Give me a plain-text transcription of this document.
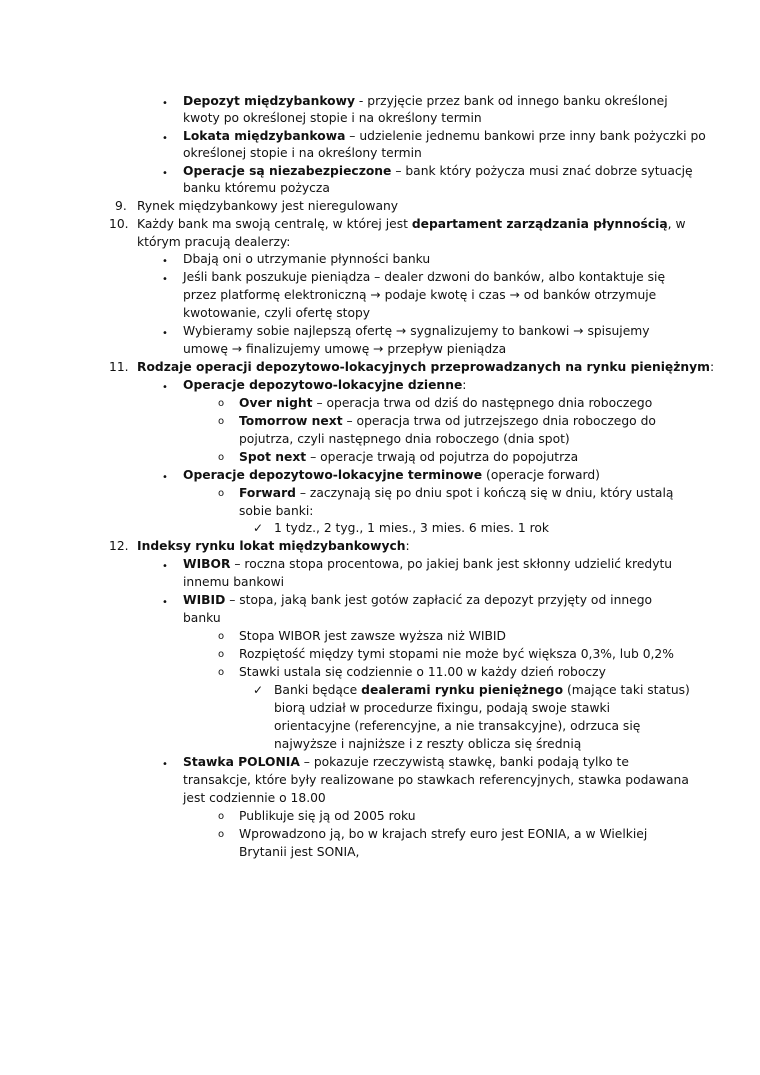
• Depozyt międzybankowy - przyjęcie przez bank od innego banku określonej
kwoty po określonej stopie i na określony termin
• Lokata międzybankowa – udzielenie jednemu bankowi prze inny bank pożyczki po
określonej stopie i na określony termin
• Operacje są niezabezpieczone – bank który pożycza musi znać dobrze sytuację
banku któremu pożycza
9. Rynek międzybankowy jest nieregulowany
10. Każdy bank ma swoją centralę, w której jest departament zarządzania płynnością, w
którym pracują dealerzy:
• Dbają oni o utrzymanie płynności banku
• Jeśli bank poszukuje pieniądza – dealer dzwoni do banków, albo kontaktuje się
przez platformę elektroniczną → podaje kwotę i czas → od banków otrzymuje
kwotowanie, czyli ofertę stopy
• Wybieramy sobie najlepszą ofertę → sygnalizujemy to bankowi → spisujemy
umowę → finalizujemy umowę → przepływ pieniądza
11. Rodzaje operacji depozytowo-lokacyjnych przeprowadzanych na rynku pieniężnym:
• Operacje depozytowo-lokacyjne dzienne:
o Over night – operacja trwa od dziś do następnego dnia roboczego
o Tomorrow next – operacja trwa od jutrzejszego dnia roboczego do
pojutrza, czyli następnego dnia roboczego (dnia spot)
o Spot next – operacje trwają od pojutrza do popojutrza
• Operacje depozytowo-lokacyjne terminowe (operacje forward)
o Forward – zaczynają się po dniu spot i kończą się w dniu, który ustalą
sobie banki:
✓ 1 tydz., 2 tyg., 1 mies., 3 mies. 6 mies. 1 rok
12. Indeksy rynku lokat międzybankowych:
• WIBOR – roczna stopa procentowa, po jakiej bank jest skłonny udzielić kredytu
innemu bankowi
• WIBID – stopa, jaką bank jest gotów zapłacić za depozyt przyjęty od innego
banku
o Stopa WIBOR jest zawsze wyższa niż WIBID
o Rozpiętość między tymi stopami nie może być większa 0,3%, lub 0,2%
o Stawki ustala się codziennie o 11.00 w każdy dzień roboczy
✓ Banki będące dealerami rynku pieniężnego (mające taki status)
biorą udział w procedurze fixingu, podają swoje stawki
orientacyjne (referencyjne, a nie transakcyjne), odrzuca się
najwyższe i najniższe i z reszty oblicza się średnią
• Stawka POLONIA – pokazuje rzeczywistą stawkę, banki podają tylko te
transakcje, które były realizowane po stawkach referencyjnych, stawka podawana
jest codziennie o 18.00
o Publikuje się ją od 2005 roku
o Wprowadzono ją, bo w krajach strefy euro jest EONIA, a w Wielkiej
Brytanii jest SONIA,
